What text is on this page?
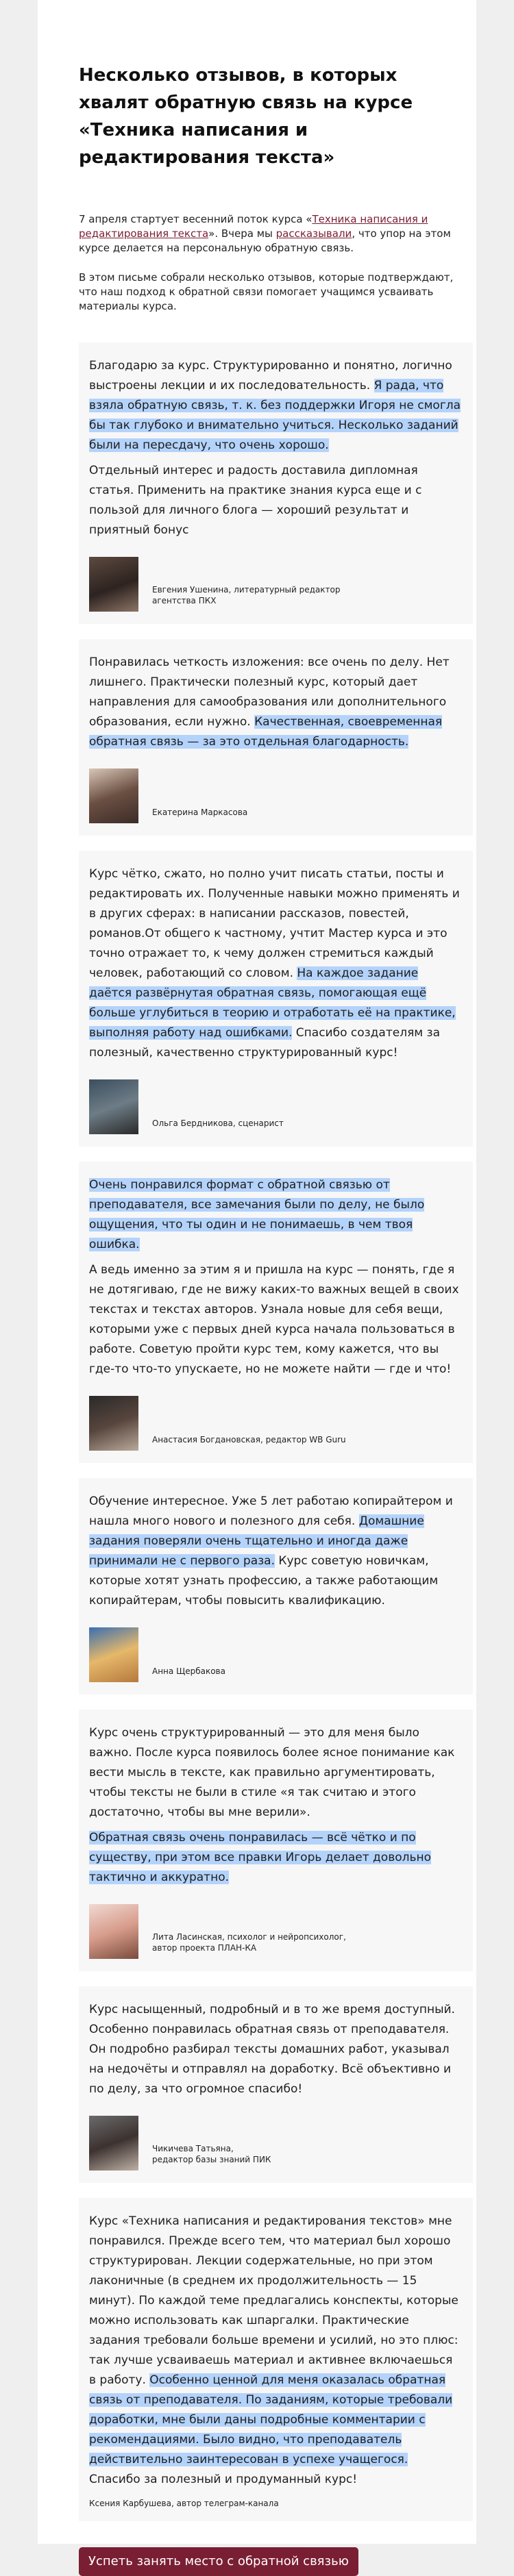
Несколько отзывов, в которых хвалят обратную связь на курсе «Техника написания и редактирования текста»

7 апреля стартует весенний поток курса «Техника написания и редактирования текста». Вчера мы рассказывали, что упор на этом курсе делается на персональную обратную связь.

В этом письме собрали несколько отзывов, которые подтверждают, что наш подход к обратной связи помогает учащимся усваивать материалы курса.

Благодарю за курс. Структурированно и понятно, логично выстроены лекции и их последовательность. Я рада, что взяла обратную связь, т. к. без поддержки Игоря не смогла бы так глубоко и внимательно учиться. Несколько заданий были на пересдачу, что очень хорошо.

Отдельный интерес и радость доставила дипломная статья. Применить на практике знания курса еще и с пользой для личного блога — хороший результат и приятный бонус

Евгения Ушенина, литературный редактор агентства ПКХ

Понравилась четкость изложения: все очень по делу. Нет лишнего. Практически полезный курс, который дает направления для самообразования или дополнительного образования, если нужно. Качественная, своевременная обратная связь — за это отдельная благодарность.

Екатерина Маркасова

Курс чёткo, сжато, но полно учит писать статьи, посты и редактировать их. Полученные навыки можно применять и в других сферах: в написании рассказов, повестей, романов.От общего к частному, учтит Мастер курса и это точно отражает то, к чему должен стремиться каждый человек, работающий со словом. На каждое задание даётся развёрнутая обратная связь, помогающая ещё больше углубиться в теорию и отработать её на практике, выполняя работу над ошибками. Спасибо создателям за полезный, качественно структурированный курс!

Ольга Бердникова, сценарист

Очень понравился формат с обратной связью от преподавателя, все замечания были по делу, не было ощущения, что ты один и не понимаешь, в чем твоя ошибка.

А ведь именно за этим я и пришла на курс — понять, где я не дотягиваю, где не вижу каких-то важных вещей в своих текстах и текстах авторов. Узнала новые для себя вещи, которыми уже с первых дней курса начала пользоваться в работе. Советую пройти курс тем, кому кажется, что вы где-то что-то упускаете, но не можете найти — где и что!

Анастасия Богдановская, редактор WB Guru

Обучение интересное. Уже 5 лет работаю копирайтером и нашла много нового и полезного для себя. Домашние задания поверяли очень тщательно и иногда даже принимали не с первого раза. Курс советую новичкам, которые хотят узнать профессию, а также работающим копирайтерам, чтобы повысить квалификацию.

Анна Щербакова

Курс очень структурированный — это для меня было важно. После курса появилось более ясное понимание как вести мысль в тексте, как правильно аргументировать, чтобы тексты не были в стиле «я так считаю и этого достаточно, чтобы вы мне верили».

Обратная связь очень понравилась — всё чётко и по существу, при этом все правки Игорь делает довольно тактично и аккуратно.

Лита Ласинская, психолог и нейропсихолог,
автор проекта ПЛАН-КА

Курс насыщенный, подробный и в то же время доступный. Особенно понравилась обратная связь от преподавателя. Он подробно разбирал тексты домашних работ, указывал на недочёты и отправлял на доработку. Всё объективно и по делу, за что огромное спасибо!

Чикичева Татьяна,
редактор базы знаний ПИК

Курс «Техника написания и редактирования текстов» мне понравился. Прежде всего тем, что материал был хорошо структурирован. Лекции содержательные, но при этом лаконичные (в среднем их продолжительность — 15 минут). По каждой теме предлагались конспекты, которые можно использовать как шпаргалки. Практические задания требовали больше времени и усилий, но это плюс: так лучше усваиваешь материал и активнее включаешься в работу. Особенно ценной для меня оказалась обратная связь от преподавателя. По заданиям, которые требовали доработки, мне были даны подробные комментарии с рекомендациями. Было видно, что преподаватель действительно заинтересован в успехе учащегося. Спасибо за полезный и продуманный курс!

Ксения Карбушева, автор телеграм-канала
Успеть занять место с обратной связью
